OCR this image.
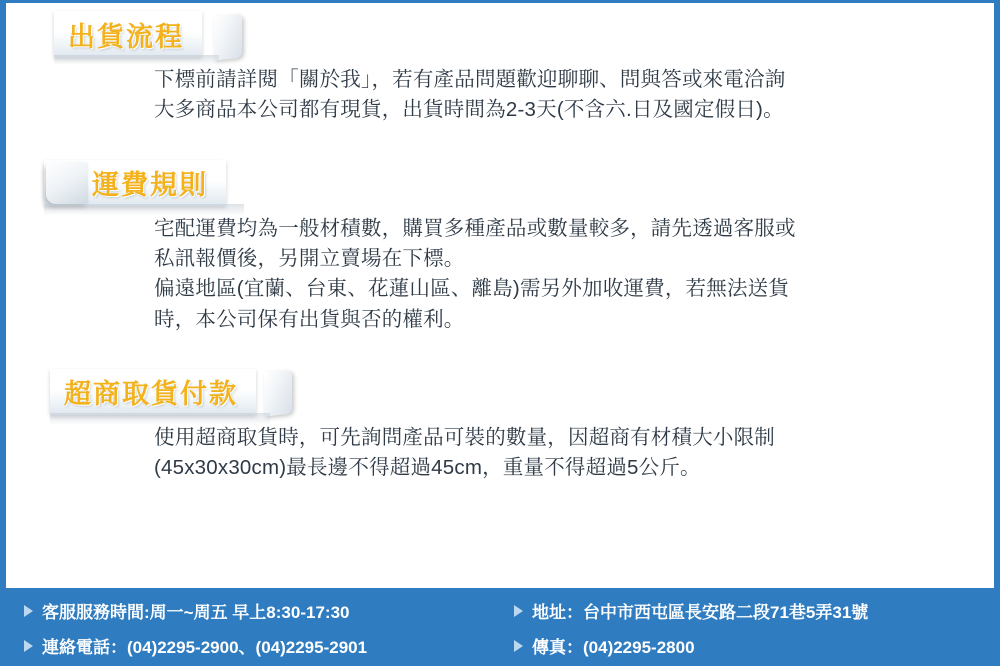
出貨流程

下標前請詳閱「關於我」，若有產品問題歡迎聊聊、問與答或來電洽詢

大多商品本公司都有現貨，出貨時間為2-3天(不含六.日及國定假日)。

運費規則

宅配運費均為一般材積數，購買多種產品或數量較多，請先透過客服或

私訊報價後，另開立賣場在下標。

偏遠地區(宜蘭、台東、花蓮山區、離島)需另外加收運費，若無法送貨

時，本公司保有出貨與否的權利。

超商取貨付款

使用超商取貨時，可先詢問產品可裝的數量，因超商有材積大小限制

(45x30x30cm)最長邊不得超過45cm，重量不得超過5公斤。

客服服務時間:周一~周五 早上8:30-17:30
連絡電話：(04)2295-2900、(04)2295-2901
地址：台中市西屯區長安路二段71巷5弄31號
傳真：(04)2295-2800
